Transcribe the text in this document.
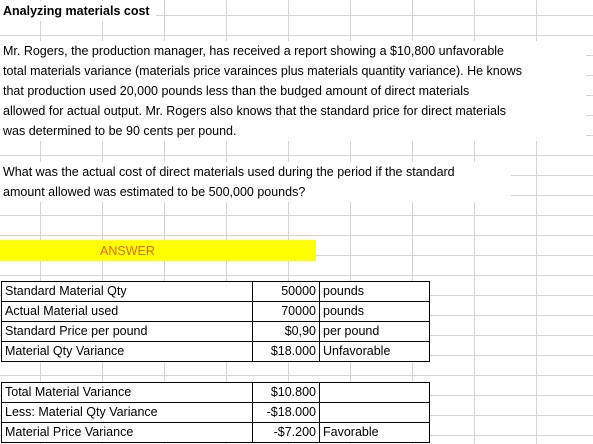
Analyzing materials cost
Mr. Rogers, the production manager, has received a report showing a $10,800 unfavorable
total materials variance (materials price varainces plus materials quantity variance). He knows
that production used 20,000 pounds less than the budged amount of direct materials
allowed for actual output. Mr. Rogers also knows that the standard price for direct materials
was determined to be 90 cents per pound.
What was the actual cost of direct materials used during the period if the standard
amount allowed was estimated to be 500,000 pounds?
ANSWER
Standard Material Qty	50000	pounds
Actual Material used	70000	pounds
Standard Price per pound	$0,90	per pound
Material Qty Variance	$18.000	Unfavorable
Total Material Variance	$10.800	
Less: Material Qty Variance	-$18.000	
Material Price Variance	-$7.200	Favorable
